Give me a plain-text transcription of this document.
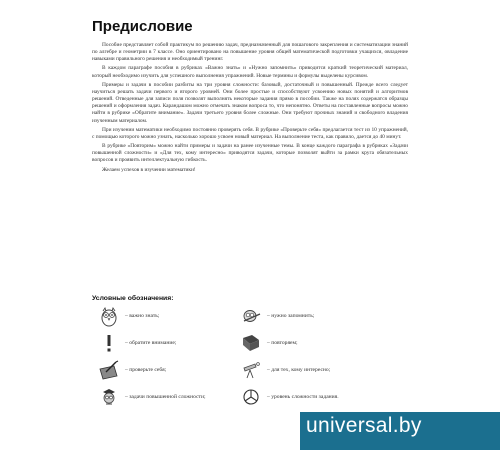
Предисловие

Пособие представляет собой практикум по решению задач, предназначенный для пошагового закрепления и систематизации знаний по алгебре и геометрии в 7 классе. Оно ориентировано на повышение уровня общей математической подготовки учащихся, овладение навыками правильного решения и необходимый тренинг.

В каждом параграфе пособия в рубриках «Важно знать» и «Нужно запомнить» приводится краткий теоретический материал, который необходимо изучить для успешного выполнения упражнений. Новые термины и формулы выделены курсивом.

Примеры и задачи в пособии разбиты на три уровня сложности: базовый, достаточный и повышенный. Прежде всего следует научиться решать задачи первого и второго уровней. Они более простые и способствуют усвоению новых понятий и алгоритмов решений. Отведенные для записи поля позволят выполнять некоторые задания прямо в пособии. Также на полях содержатся образцы решений и оформления задач. Карандашом можно отмечать знаком вопроса то, что непонятно. Ответы на поставленные вопросы можно найти в рубрике «Обратите внимание». Задачи третьего уровня более сложные. Они требуют прочных знаний и свободного владения изученным материалом.

При изучении математики необходимо постоянно проверять себя. В рубрике «Проверьте себя» предлагается тест из 10 упражнений, с помощью которого можно узнать, насколько хорошо усвоен новый материал. На выполнение теста, как правило, дается до 40 минут.

В рубрике «Повторим» можно найти примеры и задачи на ранее изученные темы. В конце каждого параграфа в рубриках «Задачи повышенной сложности» и «Для тех, кому интересно» приводятся задачи, которые позволят выйти за рамки круга обязательных вопросов и проявить интеллектуальную гибкость.

Желаем успехов в изучении математики!

Условные обозначения:
– важно знать;	– нужно запомнить;
– обратите внимание;	– повторяем;
– проверьте себя;	– для тех, кому интересно;
– задачи повышенной сложности;	– уровень сложности задания.
universal.by
